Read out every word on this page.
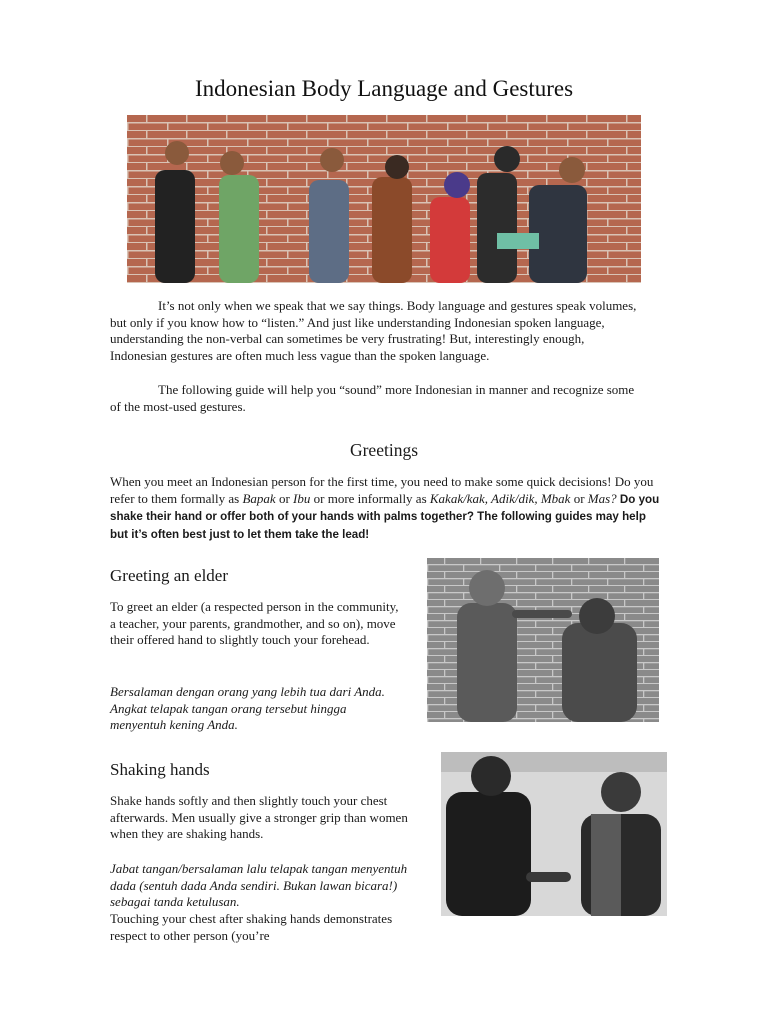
Indonesian Body Language and Gestures

It’s not only when we speak that we say things. Body language and gestures speak volumes, but only if you know how to “listen.” And just like understanding Indonesian spoken language, understanding the non-verbal can sometimes be very frustrating! But, interestingly enough, Indonesian gestures are often much less vague than the spoken language.

The following guide will help you “sound” more Indonesian in manner and recognize some of the most-used gestures.

Greetings

When you meet an Indonesian person for the first time, you need to make some quick decisions! Do you refer to them formally as Bapak or Ibu or more informally as Kakak/kak, Adik/dik, Mbak or Mas? Do you shake their hand or offer both of your hands with palms together? The following guides may help but it’s often best just to let them take the lead!

Greeting an elder

To greet an elder (a respected person in the community, a teacher, your parents, grandmother, and so on), move their offered hand to slightly touch your forehead.

Bersalaman dengan orang yang lebih tua dari Anda. Angkat telapak tangan orang tersebut hingga menyentuh kening Anda.

Shaking hands

Shake hands softly and then slightly touch your chest afterwards. Men usually give a stronger grip than women when they are shaking hands.

Jabat tangan/bersalaman lalu telapak tangan menyentuh dada (sentuh dada Anda sendiri. Bukan lawan bicara!) sebagai tanda ketulusan.

Touching your chest after shaking hands demonstrates respect to other person (you’re
